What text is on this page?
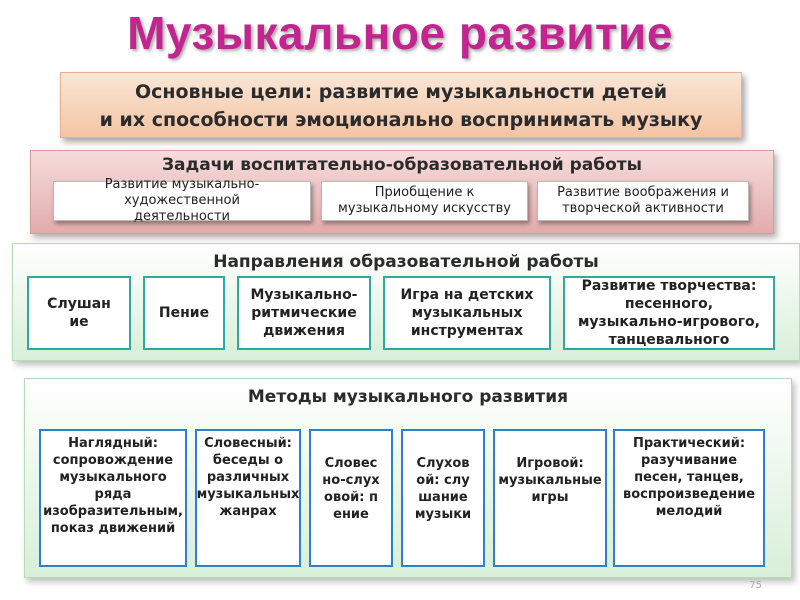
Музыкальное развитие
Основные цели: развитие музыкальности детей
и их способности эмоционально воспринимать музыку
Задачи воспитательно-образовательной работы
Развитие музыкально-художественной деятельности
Приобщение к музыкальному искусству
Развитие воображения и творческой активности
Направления образовательной работы
Слушание
Пение
Музыкально-ритмические движения
Игра на детских музыкальных инструментах
Развитие творчества: песенного, музыкально-игрового, танцевального
Методы музыкального развития
Наглядный: сопровождение музыкального ряда изобразительным, показ движений
Словесный: беседы о различных музыкальных жанрах
Словесно-слуховой: пение
Слуховой: слушание музыки
Игровой: музыкальные игры
Практический: разучивание песен, танцев, воспроизведение мелодий
75
